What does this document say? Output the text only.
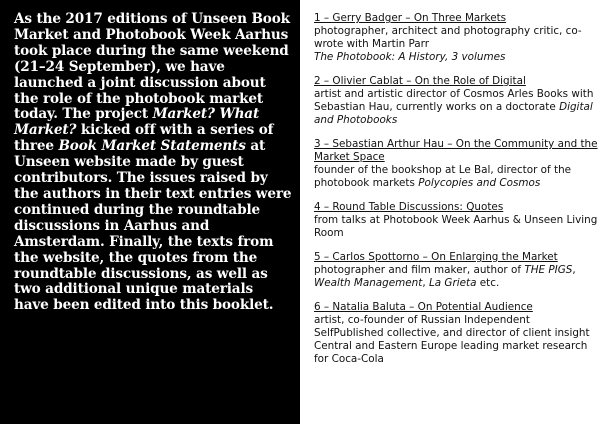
As the 2017 editions of Unseen Book Market and Photobook Week Aarhus took place during the same weekend (21–24 September), we have launched a joint discussion about the role of the photobook market today. The project Market? What Market? kicked off with a series of three Book Market Statements at Unseen website made by guest contributors. The issues raised by the authors in their text entries were continued during the roundtable discussions in Aarhus and Amsterdam. Finally, the texts from the website, the quotes from the roundtable discussions, as well as two additional unique materials have been edited into this booklet.

1 – Gerry Badger – On Three Markets
photographer, architect and photography critic, co-wrote with Martin Parr
The Photobook: A History, 3 volumes
2 – Olivier Cablat – On the Role of Digital
artist and artistic director of Cosmos Arles Books with Sebastian Hau, currently works on a doctorate Digital and Photobooks
3 – Sebastian Arthur Hau – On the Community and the Market Space
founder of the bookshop at Le Bal, director of the photobook markets Polycopies and Cosmos
4 – Round Table Discussions: Quotes
from talks at Photobook Week Aarhus & Unseen Living Room
5 – Carlos Spottorno – On Enlarging the Market
photographer and film maker, author of THE PIGS, Wealth Management, La Grieta etc.
6 – Natalia Baluta – On Potential Audience
artist, co-founder of Russian Independent SelfPublished collective, and director of client insight Central and Eastern Europe leading market research for Coca-Cola
